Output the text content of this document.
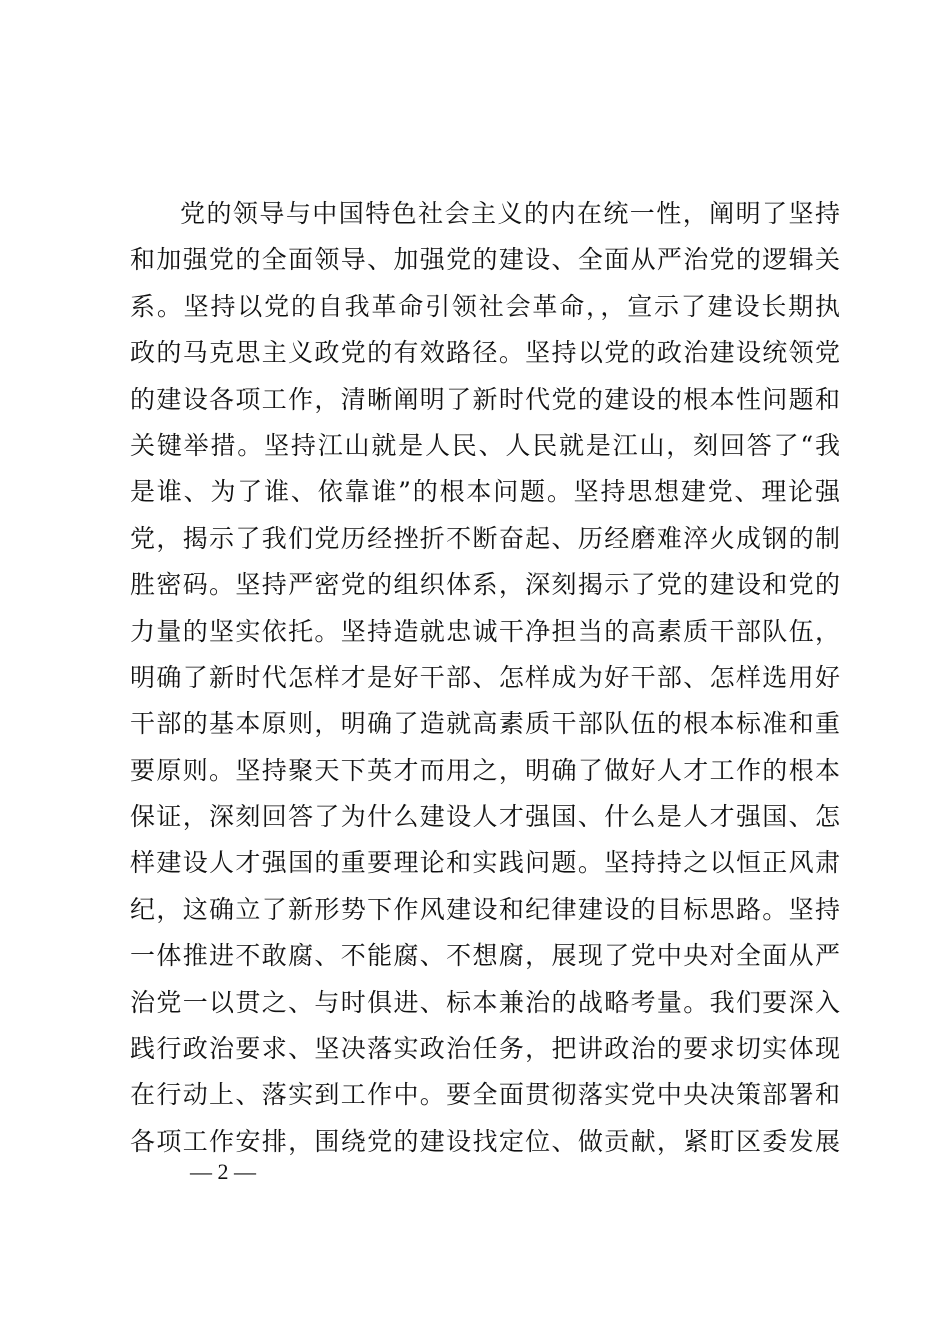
党的领导与中国特色社会主义的内在统一性，阐明了坚持
和加强党的全面领导、加强党的建设、全面从严治党的逻辑关
系。坚持以党的自我革命引领社会革命，，宣示了建设长期执
政的马克思主义政党的有效路径。坚持以党的政治建设统领党
的建设各项工作，清晰阐明了新时代党的建设的根本性问题和
关键举措。坚持江山就是人民、人民就是江山，刻回答了“我
是谁、为了谁、依靠谁”的根本问题。坚持思想建党、理论强
党，揭示了我们党历经挫折不断奋起、历经磨难淬火成钢的制
胜密码。坚持严密党的组织体系，深刻揭示了党的建设和党的
力量的坚实依托。坚持造就忠诚干净担当的高素质干部队伍，
明确了新时代怎样才是好干部、怎样成为好干部、怎样选用好
干部的基本原则，明确了造就高素质干部队伍的根本标准和重
要原则。坚持聚天下英才而用之，明确了做好人才工作的根本
保证，深刻回答了为什么建设人才强国、什么是人才强国、怎
样建设人才强国的重要理论和实践问题。坚持持之以恒正风肃
纪，这确立了新形势下作风建设和纪律建设的目标思路。坚持
一体推进不敢腐、不能腐、不想腐，展现了党中央对全面从严
治党一以贯之、与时俱进、标本兼治的战略考量。我们要深入
践行政治要求、坚决落实政治任务，把讲政治的要求切实体现
在行动上、落实到工作中。要全面贯彻落实党中央决策部署和
各项工作安排，围绕党的建设找定位、做贡献，紧盯区委发展
— 2 —
